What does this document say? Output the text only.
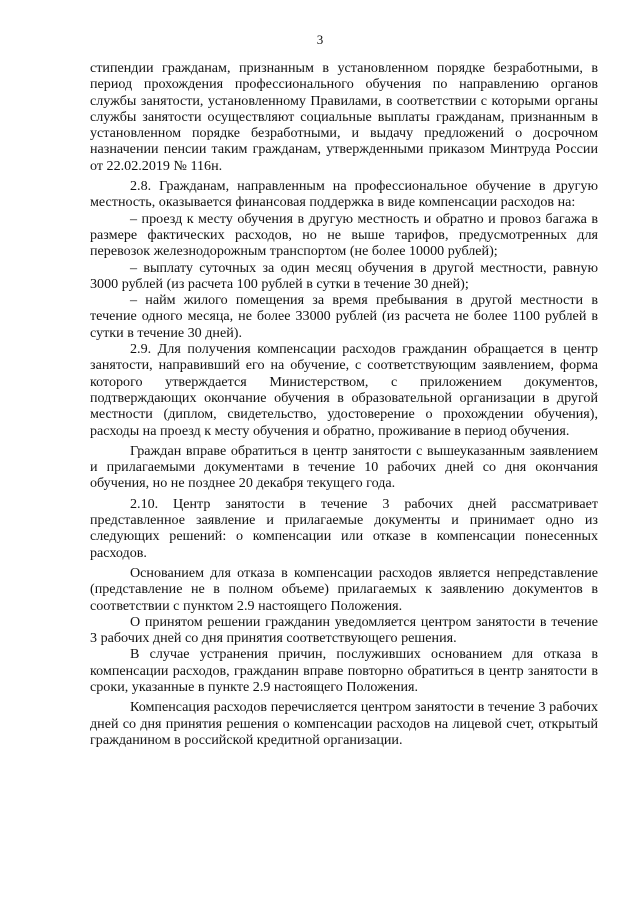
3

стипендии гражданам, признанным в установленном порядке безработными, в период прохождения профессионального обучения по направлению органов службы занятости, установленному Правилами, в соответствии с которыми органы службы занятости осуществляют социальные выплаты гражданам, признанным в установленном порядке безработными, и выдачу предложений о досрочном назначении пенсии таким гражданам, утвержденными приказом Минтруда России от 22.02.2019 № 116н.

2.8. Гражданам, направленным на профессиональное обучение в другую местность, оказывается финансовая поддержка в виде компенсации расходов на:

– проезд к месту обучения в другую местность и обратно и провоз багажа в размере фактических расходов, но не выше тарифов, предусмотренных для перевозок железнодорожным транспортом (не более 10000 рублей);

– выплату суточных за один месяц обучения в другой местности, равную 3000 рублей (из расчета 100 рублей в сутки в течение 30 дней);

– найм жилого помещения за время пребывания в другой местности в течение одного месяца, не более 33000 рублей (из расчета не более 1100 рублей в сутки в течение 30 дней).

2.9. Для получения компенсации расходов гражданин обращается в центр занятости, направивший его на обучение, с соответствующим заявлением, форма которого утверждается Министерством, с приложением документов, подтверждающих окончание обучения в образовательной организации в другой местности (диплом, свидетельство, удостоверение о прохождении обучения), расходы на проезд к месту обучения и обратно, проживание в период обучения.

Граждан вправе обратиться в центр занятости с вышеуказанным заявлением и прилагаемыми документами в течение 10 рабочих дней со дня окончания обучения, но не позднее 20 декабря текущего года.

2.10. Центр занятости в течение 3 рабочих дней рассматривает представленное заявление и прилагаемые документы и принимает одно из следующих решений: о компенсации или отказе в компенсации понесенных расходов.

Основанием для отказа в компенсации расходов является непредставление (представление не в полном объеме) прилагаемых к заявлению документов в соответствии с пунктом 2.9 настоящего Положения.

О принятом решении гражданин уведомляется центром занятости в течение 3 рабочих дней со дня принятия соответствующего решения.

В случае устранения причин, послуживших основанием для отказа в компенсации расходов, гражданин вправе повторно обратиться в центр занятости в сроки, указанные в пункте 2.9 настоящего Положения.

Компенсация расходов перечисляется центром занятости в течение 3 рабочих дней со дня принятия решения о компенсации расходов на лицевой счет, открытый гражданином в российской кредитной организации.
